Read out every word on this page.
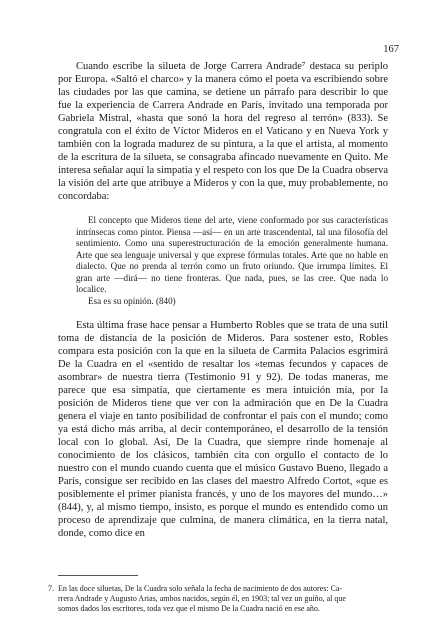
167

Cuando escribe la silueta de Jorge Carrera Andrade⁷ destaca su periplo por Europa. «Saltó el charco» y la manera cómo el poeta va escribiendo sobre las ciudades por las que camina, se detiene un párrafo para describir lo que fue la experiencia de Carrera Andrade en París, invitado una temporada por Gabriela Mistral, «hasta que sonó la hora del regreso al terrón» (833). Se congratula con el éxito de Víctor Mideros en el Vaticano y en Nueva York y también con la lograda madurez de su pintura, a la que el artista, al momento de la escritura de la silueta, se consagraba afincado nuevamente en Quito. Me interesa señalar aquí la simpatía y el respeto con los que De la Cuadra observa la visión del arte que atribuye a Mideros y con la que, muy probablemente, no concordaba:

El concepto que Mideros tiene del arte, viene conformado por sus características intrínsecas como pintor. Piensa —así— en un arte trascendental, tal una filosofía del sentimiento. Como una superestructuración de la emoción generalmente humana. Arte que sea lenguaje universal y que exprese fórmulas totales. Arte que no hable en dialecto. Que no prenda al terrón como un fruto oriundo. Que irrumpa límites. El gran arte —dirá— no tiene fronteras. Que nada, pues, se las cree. Que nada lo localice.

Esa es su opinión. (840)

Esta última frase hace pensar a Humberto Robles que se trata de una sutil toma de distancia de la posición de Mideros. Para sostener esto, Robles compara esta posición con la que en la silueta de Carmita Palacios esgrimirá De la Cuadra en el «sentido de resaltar los «temas fecundos y capaces de asombrar» de nuestra tierra (Testimonio 91 y 92). De todas maneras, me parece que esa simpatía, que ciertamente es mera intuición mía, por la posición de Mideros tiene que ver con la admiración que en De la Cuadra genera el viaje en tanto posibilidad de confrontar el país con el mundo; como ya está dicho más arriba, al decir contemporáneo, el desarrollo de la tensión local con lo global. Así, De la Cuadra, que siempre rinde homenaje al conocimiento de los clásicos, también cita con orgullo el contacto de lo nuestro con el mundo cuando cuenta que el músico Gustavo Bueno, llegado a París, consigue ser recibido en las clases del maestro Alfredo Cortot, «que es posiblemente el primer pianista francés, y uno de los mayores del mundo…» (844), y, al mismo tiempo, insisto, es porque el mundo es entendido como un proceso de aprendizaje que culmina, de manera climática, en la tierra natal, donde, como dice en

7. En las doce siluetas, De la Cuadra solo señala la fecha de nacimiento de dos autores: Ca-
rrera Andrade y Augusto Arias, ambos nacidos, según él, en 1903; tal vez un guiño, al que
somos dados los escritores, toda vez que el mismo De la Cuadra nació en ese año.
